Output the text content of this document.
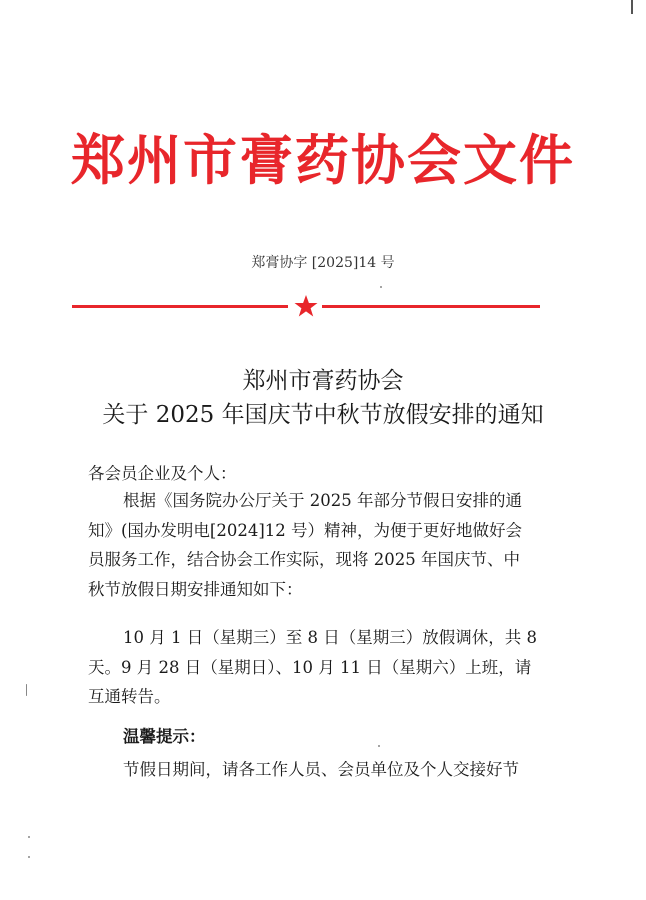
郑州市膏药协会文件
郑膏协字 [2025]14 号
郑州市膏药协会
关于 2025 年国庆节中秋节放假安排的通知
各会员企业及个人：
根据《国务院办公厅关于 2025 年部分节假日安排的通
知》(国办发明电[2024]12 号）精神，为便于更好地做好会
员服务工作，结合协会工作实际，现将 2025 年国庆节、中
秋节放假日期安排通知如下：
10 月 1 日（星期三）至 8 日（星期三）放假调休，共 8
天。9 月 28 日（星期日）、10 月 11 日（星期六）上班，请
互通转告。
温馨提示：
节假日期间，请各工作人员、会员单位及个人交接好节
